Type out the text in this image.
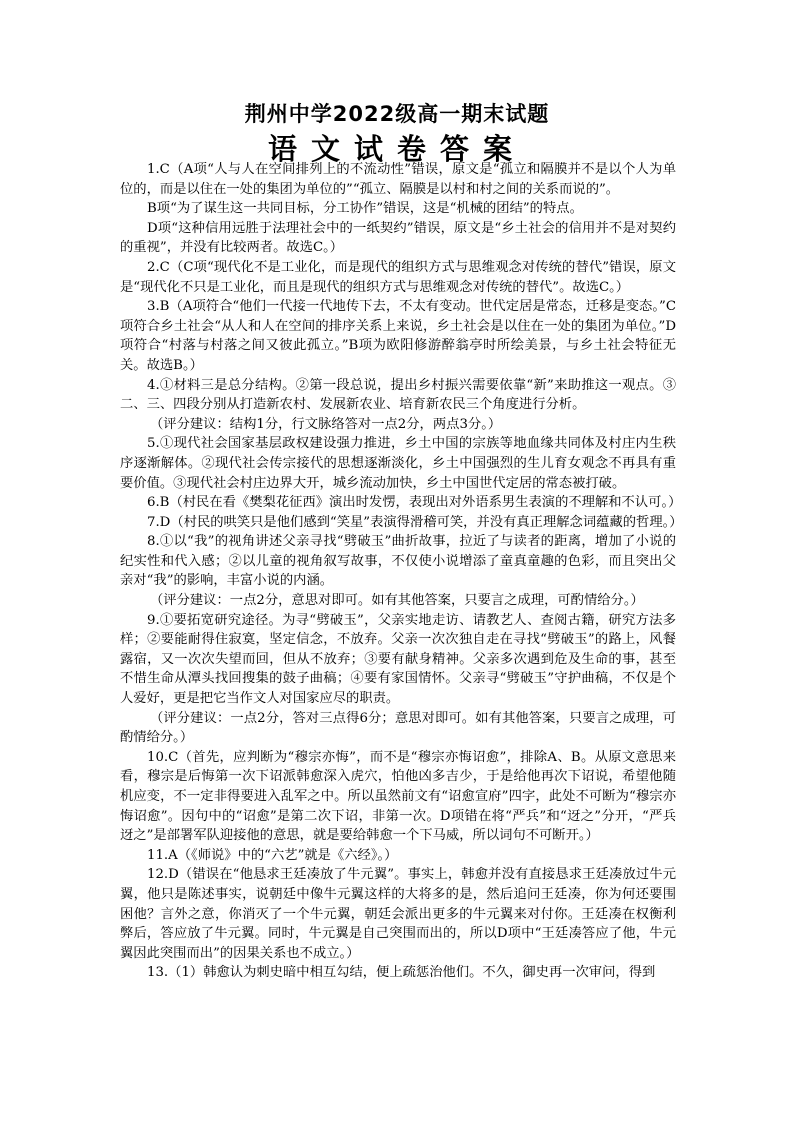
荆州中学2022级高一期末试题
语文试卷答案

1.C（A项“人与人在空间排列上的不流动性”错误，原文是“孤立和隔膜并不是以个人为单位的，而是以住在一处的集团为单位的”“孤立、隔膜是以村和村之间的关系而说的”。

B项“为了谋生这一共同目标，分工协作”错误，这是“机械的团结”的特点。

D项“这种信用远胜于法理社会中的一纸契约”错误，原文是“乡土社会的信用并不是对契约的重视”，并没有比较两者。故选C。）

2.C（C项“现代化不是工业化，而是现代的组织方式与思维观念对传统的替代”错误，原文是“现代化不只是工业化，而且是现代的组织方式与思维观念对传统的替代”。故选C。）

3.B（A项符合“他们一代接一代地传下去，不太有变动。世代定居是常态，迁移是变态。”C项符合乡土社会“从人和人在空间的排序关系上来说，乡土社会是以住在一处的集团为单位。”D项符合“村落与村落之间又彼此孤立。”B项为欧阳修游醉翁亭时所绘美景，与乡土社会特征无关。故选B。）

4.①材料三是总分结构。②第一段总说，提出乡村振兴需要依靠“新”来助推这一观点。③二、三、四段分别从打造新农村、发展新农业、培育新农民三个角度进行分析。

（评分建议：结构1分，行文脉络答对一点2分，两点3分。）

5.①现代社会国家基层政权建设强力推进，乡土中国的宗族等地血缘共同体及村庄内生秩序逐渐解体。②现代社会传宗接代的思想逐渐淡化，乡土中国强烈的生儿育女观念不再具有重要价值。③现代社会村庄边界大开，城乡流动加快，乡土中国世代定居的常态被打破。

6.B（村民在看《樊梨花征西》演出时发愣，表现出对外语系男生表演的不理解和不认可。）

7.D（村民的哄笑只是他们感到“笑星”表演得滑稽可笑，并没有真正理解念词蕴藏的哲理。）

8.①以“我”的视角讲述父亲寻找“劈破玉”曲折故事，拉近了与读者的距离，增加了小说的纪实性和代入感；②以儿童的视角叙写故事，不仅使小说增添了童真童趣的色彩，而且突出父亲对“我”的影响，丰富小说的内涵。

（评分建议：一点2分，意思对即可。如有其他答案，只要言之成理，可酌情给分。）

9.①要拓宽研究途径。为寻“劈破玉”，父亲实地走访、请教艺人、查阅古籍，研究方法多样；②要能耐得住寂寞，坚定信念，不放弃。父亲一次次独自走在寻找“劈破玉”的路上，风餐露宿，又一次次失望而回，但从不放弃；③要有献身精神。父亲多次遇到危及生命的事，甚至不惜生命从潭头找回搜集的鼓子曲稿；④要有家国情怀。父亲寻“劈破玉”守护曲稿，不仅是个人爱好，更是把它当作文人对国家应尽的职责。

（评分建议：一点2分，答对三点得6分；意思对即可。如有其他答案，只要言之成理，可酌情给分。）

10.C（首先，应判断为“穆宗亦悔”，而不是“穆宗亦悔诏愈”，排除A、B。从原文意思来看，穆宗是后悔第一次下诏派韩愈深入虎穴，怕他凶多吉少，于是给他再次下诏说，希望他随机应变，不一定非得要进入乱军之中。所以虽然前文有“诏愈宣府”四字，此处不可断为“穆宗亦悔诏愈”。因句中的“诏愈”是第二次下诏，非第一次。D项错在将“严兵”和“迓之”分开，“严兵迓之”是部署军队迎接他的意思，就是要给韩愈一个下马威，所以词句不可断开。）

11.A（《师说》中的“六艺”就是《六经》。）

12.D（错误在“他恳求王廷凑放了牛元翼”。事实上，韩愈并没有直接恳求王廷凑放过牛元翼，他只是陈述事实，说朝廷中像牛元翼这样的大将多的是，然后追问王廷凑，你为何还要围困他？言外之意，你消灭了一个牛元翼，朝廷会派出更多的牛元翼来对付你。王廷凑在权衡利弊后，答应放了牛元翼。同时，牛元翼是自己突围而出的，所以D项中“王廷凑答应了他，牛元翼因此突围而出”的因果关系也不成立。）

13.（1）韩愈认为刺史暗中相互勾结，便上疏惩治他们。不久，御史再一次审问，得到
